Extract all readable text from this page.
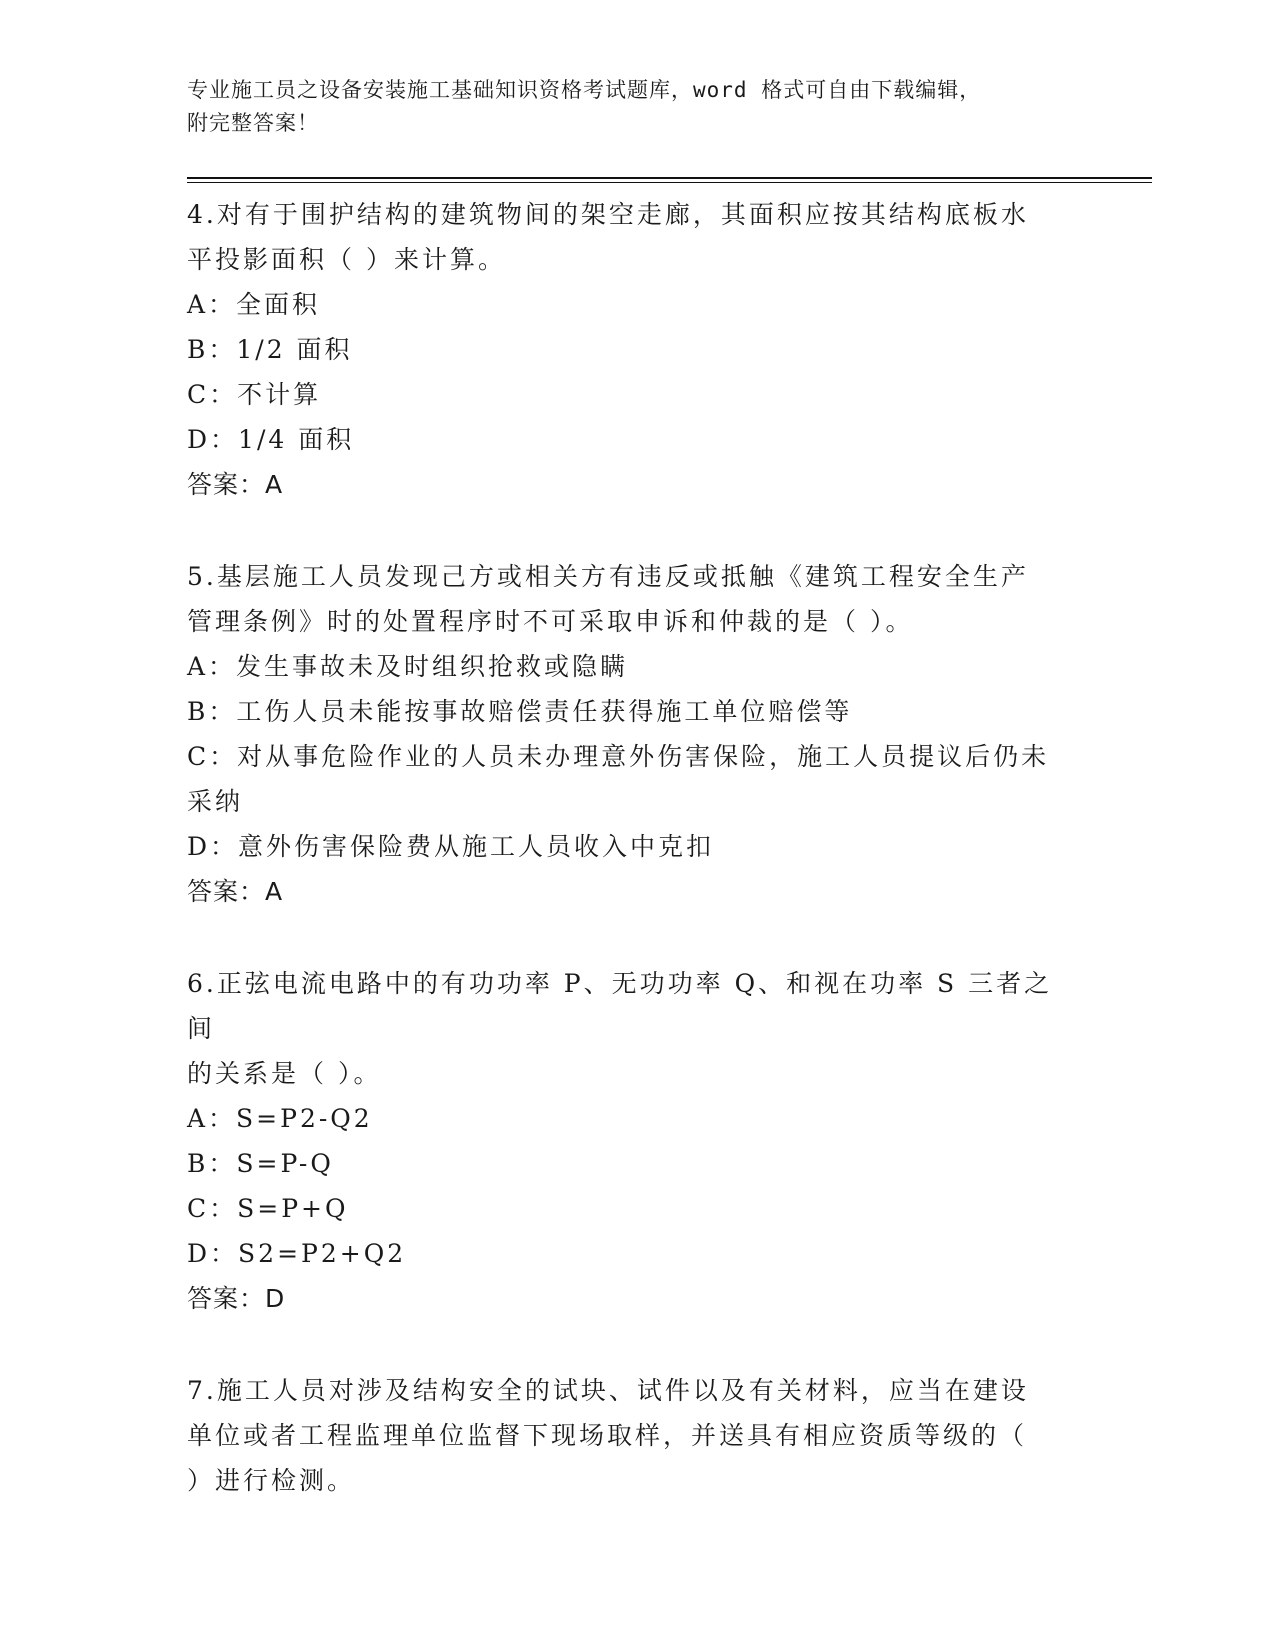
专业施工员之设备安装施工基础知识资格考试题库，word 格式可自由下载编辑，
附完整答案！
4.对有于围护结构的建筑物间的架空走廊，其面积应按其结构底板水
平投影面积（ ）来计算。
A：全面积
B：1/2 面积
C：不计算
D：1/4 面积
答案：A
5.基层施工人员发现己方或相关方有违反或抵触《建筑工程安全生产
管理条例》时的处置程序时不可采取申诉和仲裁的是（ ）。
A：发生事故未及时组织抢救或隐瞒
B：工伤人员未能按事故赔偿责任获得施工单位赔偿等
C：对从事危险作业的人员未办理意外伤害保险，施工人员提议后仍未
采纳
D：意外伤害保险费从施工人员收入中克扣
答案：A
6.正弦电流电路中的有功功率 P、无功功率 Q、和视在功率 S 三者之间
的关系是（ ）。
A：S=P2-Q2
B：S=P-Q
C：S=P+Q
D：S2=P2+Q2
答案：D
7.施工人员对涉及结构安全的试块、试件以及有关材料，应当在建设
单位或者工程监理单位监督下现场取样，并送具有相应资质等级的（
）进行检测。
